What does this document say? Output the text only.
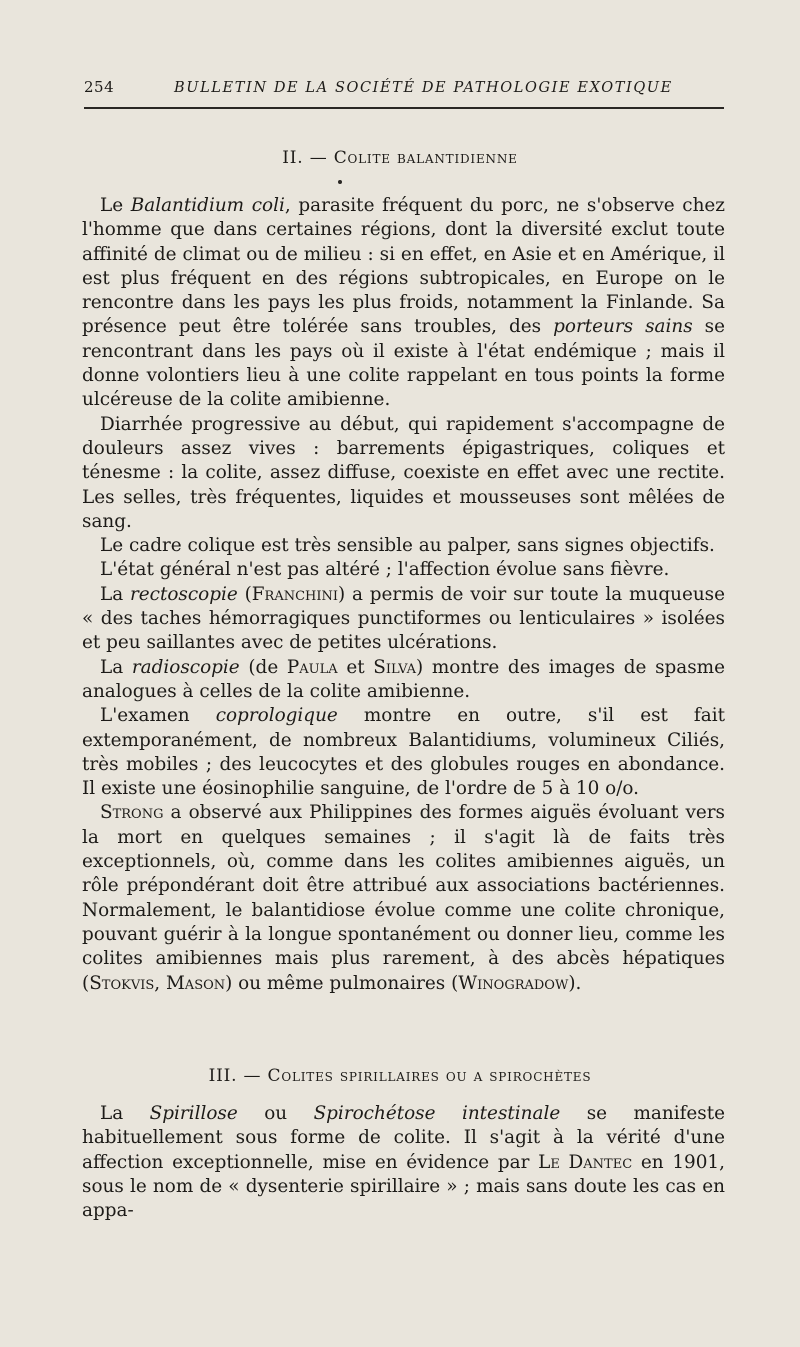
254	BULLETIN DE LA SOCIÉTÉ DE PATHOLOGIE EXOTIQUE
II. — Colite balantidienne

Le Balantidium coli, parasite fréquent du porc, ne s'observe chez l'homme que dans certaines régions, dont la diversité exclut toute affinité de climat ou de milieu : si en effet, en Asie et en Amérique, il est plus fréquent en des régions subtropicales, en Europe on le rencontre dans les pays les plus froids, notamment la Finlande. Sa présence peut être tolérée sans troubles, des porteurs sains se rencontrant dans les pays où il existe à l'état endémique ; mais il donne volontiers lieu à une colite rappelant en tous points la forme ulcéreuse de la colite amibienne.

Diarrhée progressive au début, qui rapidement s'accompagne de douleurs assez vives : barrements épigastriques, coliques et ténesme : la colite, assez diffuse, coexiste en effet avec une rectite. Les selles, très fréquentes, liquides et mousseuses sont mêlées de sang.

Le cadre colique est très sensible au palper, sans signes objectifs.

L'état général n'est pas altéré ; l'affection évolue sans fièvre.

La rectoscopie (Franchini) a permis de voir sur toute la muqueuse « des taches hémorragiques punctiformes ou lenticulaires » isolées et peu saillantes avec de petites ulcérations.

La radioscopie (de Paula et Silva) montre des images de spasme analogues à celles de la colite amibienne.

L'examen coprologique montre en outre, s'il est fait extemporanément, de nombreux Balantidiums, volumineux Ciliés, très mobiles ; des leucocytes et des globules rouges en abondance. Il existe une éosinophilie sanguine, de l'ordre de 5 à 10 o/o.

Strong a observé aux Philippines des formes aiguës évoluant vers la mort en quelques semaines ; il s'agit là de faits très exceptionnels, où, comme dans les colites amibiennes aiguës, un rôle prépondérant doit être attribué aux associations bactériennes. Normalement, le balantidiose évolue comme une colite chronique, pouvant guérir à la longue spontanément ou donner lieu, comme les colites amibiennes mais plus rarement, à des abcès hépatiques (Stokvis, Mason) ou même pulmonaires (Winogradow).

III. — Colites spirillaires ou a spirochètes

La Spirillose ou Spirochétose intestinale se manifeste habituellement sous forme de colite. Il s'agit à la vérité d'une affection exceptionnelle, mise en évidence par Le Dantec en 1901, sous le nom de « dysenterie spirillaire » ; mais sans doute les cas en appa-
